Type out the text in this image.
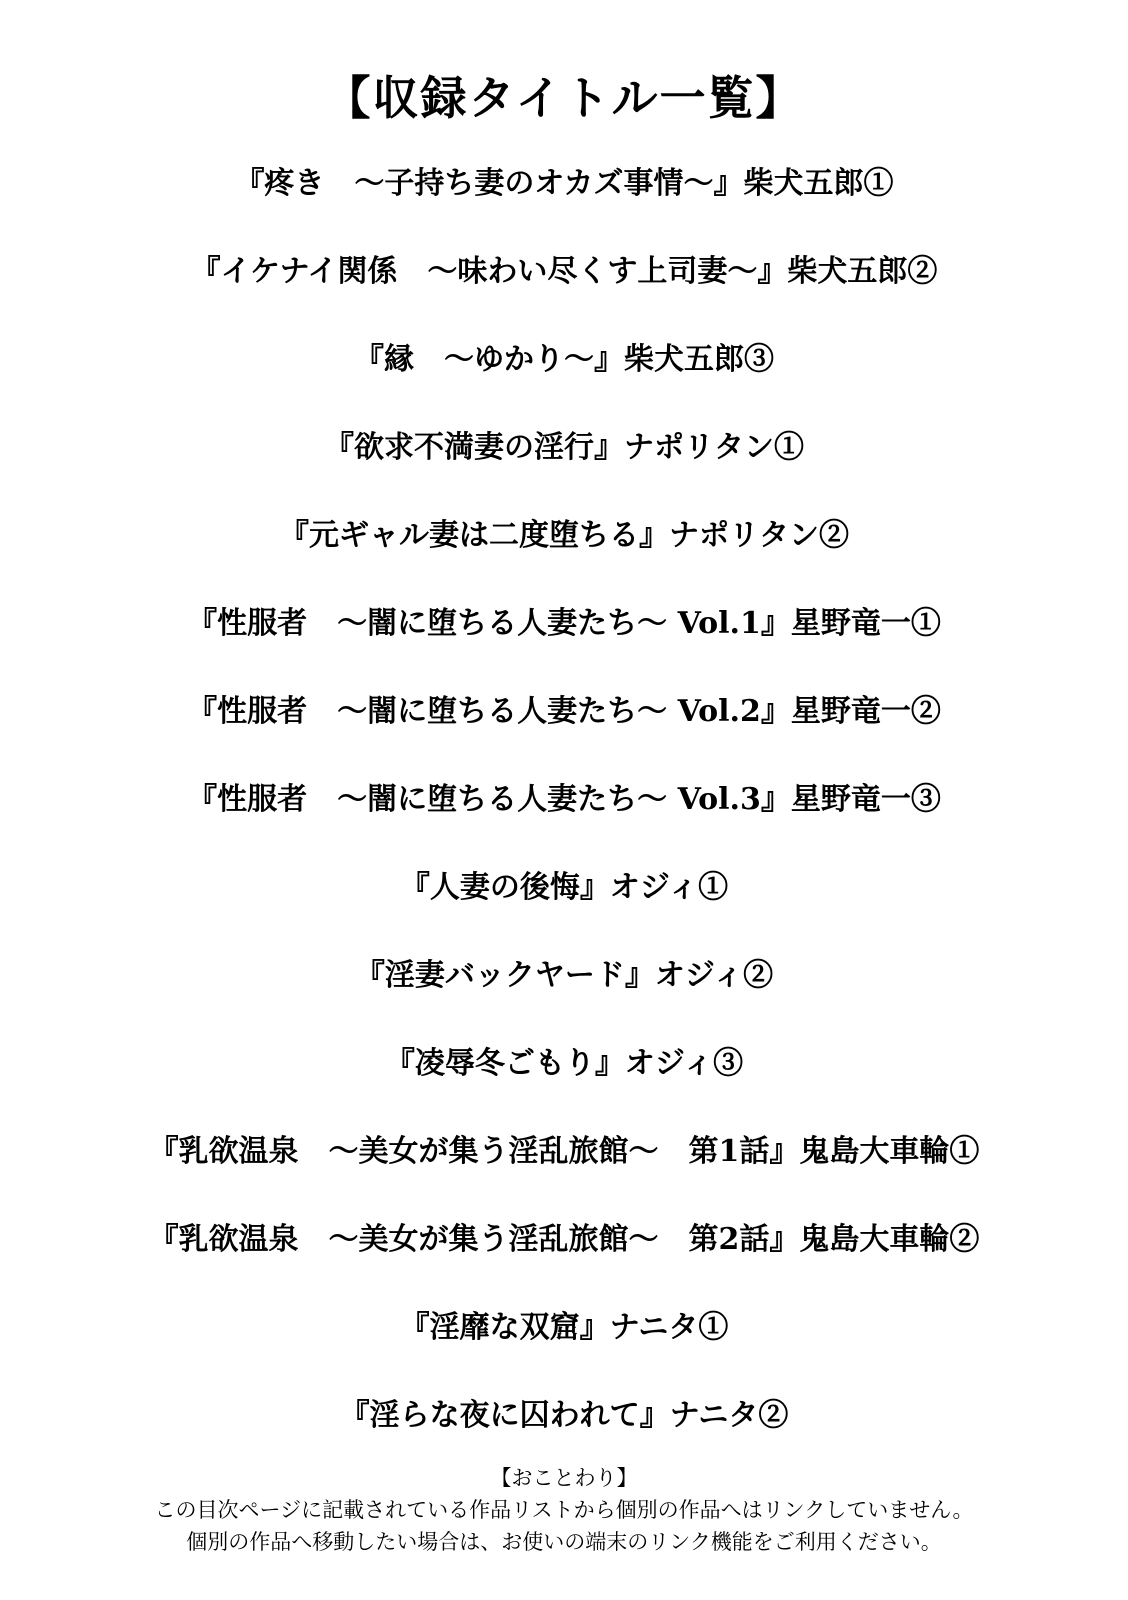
【収録タイトル一覧】
『疼き　～子持ち妻のオカズ事情～』柴犬五郎①
『イケナイ関係　～味わい尽くす上司妻～』柴犬五郎②
『縁　～ゆかり～』柴犬五郎③
『欲求不満妻の淫行』ナポリタン①
『元ギャル妻は二度堕ちる』ナポリタン②
『性服者　～闇に堕ちる人妻たち～ Vol.1』星野竜一①
『性服者　～闇に堕ちる人妻たち～ Vol.2』星野竜一②
『性服者　～闇に堕ちる人妻たち～ Vol.3』星野竜一③
『人妻の後悔』オジィ①
『淫妻バックヤード』オジィ②
『凌辱冬ごもり』オジィ③
『乳欲温泉　～美女が集う淫乱旅館～　第1話』鬼島大車輪①
『乳欲温泉　～美女が集う淫乱旅館～　第2話』鬼島大車輪②
『淫靡な双窟』ナニタ①
『淫らな夜に囚われて』ナニタ②
【おことわり】
この目次ページに記載されている作品リストから個別の作品へはリンクしていません。
個別の作品へ移動したい場合は、お使いの端末のリンク機能をご利用ください。
